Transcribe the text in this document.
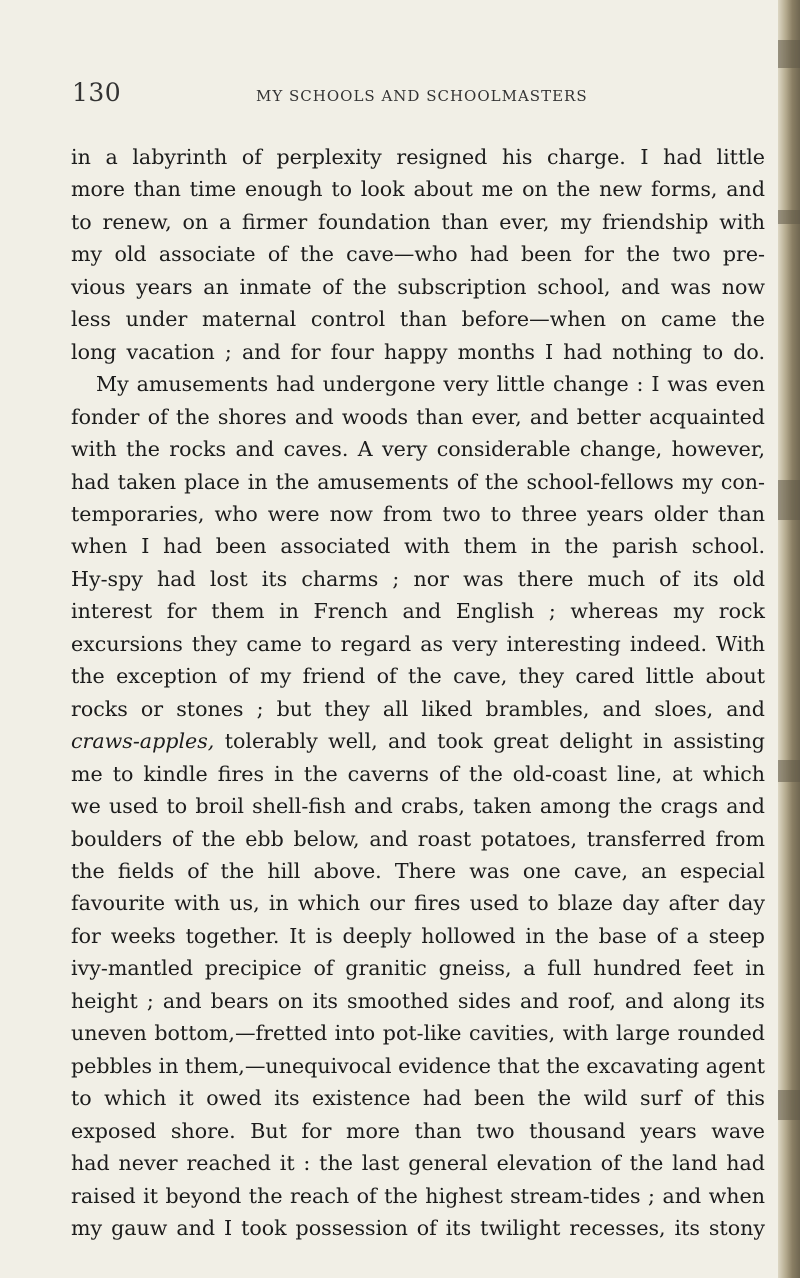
130	MY SCHOOLS AND SCHOOLMASTERS
in a labyrinth of perplexity resigned his charge. I had little
more than time enough to look about me on the new forms, and
to renew, on a firmer foundation than ever, my friendship with
my old associate of the cave—who had been for the two pre-
vious years an inmate of the subscription school, and was now
less under maternal control than before—when on came the
long vacation ; and for four happy months I had nothing to do.
My amusements had undergone very little change : I was even
fonder of the shores and woods than ever, and better acquainted
with the rocks and caves. A very considerable change, however,
had taken place in the amusements of the school-fellows my con-
temporaries, who were now from two to three years older than
when I had been associated with them in the parish school.
Hy-spy had lost its charms ; nor was there much of its old
interest for them in French and English ; whereas my rock
excursions they came to regard as very interesting indeed. With
the exception of my friend of the cave, they cared little about
rocks or stones ; but they all liked brambles, and sloes, and
craws-apples, tolerably well, and took great delight in assisting
me to kindle fires in the caverns of the old-coast line, at which
we used to broil shell-fish and crabs, taken among the crags and
boulders of the ebb below, and roast potatoes, transferred from
the fields of the hill above. There was one cave, an especial
favourite with us, in which our fires used to blaze day after day
for weeks together. It is deeply hollowed in the base of a steep
ivy-mantled precipice of granitic gneiss, a full hundred feet in
height ; and bears on its smoothed sides and roof, and along its
uneven bottom,—fretted into pot-like cavities, with large rounded
pebbles in them,—unequivocal evidence that the excavating agent
to which it owed its existence had been the wild surf of this
exposed shore. But for more than two thousand years wave
had never reached it : the last general elevation of the land had
raised it beyond the reach of the highest stream-tides ; and when
my gauw and I took possession of its twilight recesses, its stony
